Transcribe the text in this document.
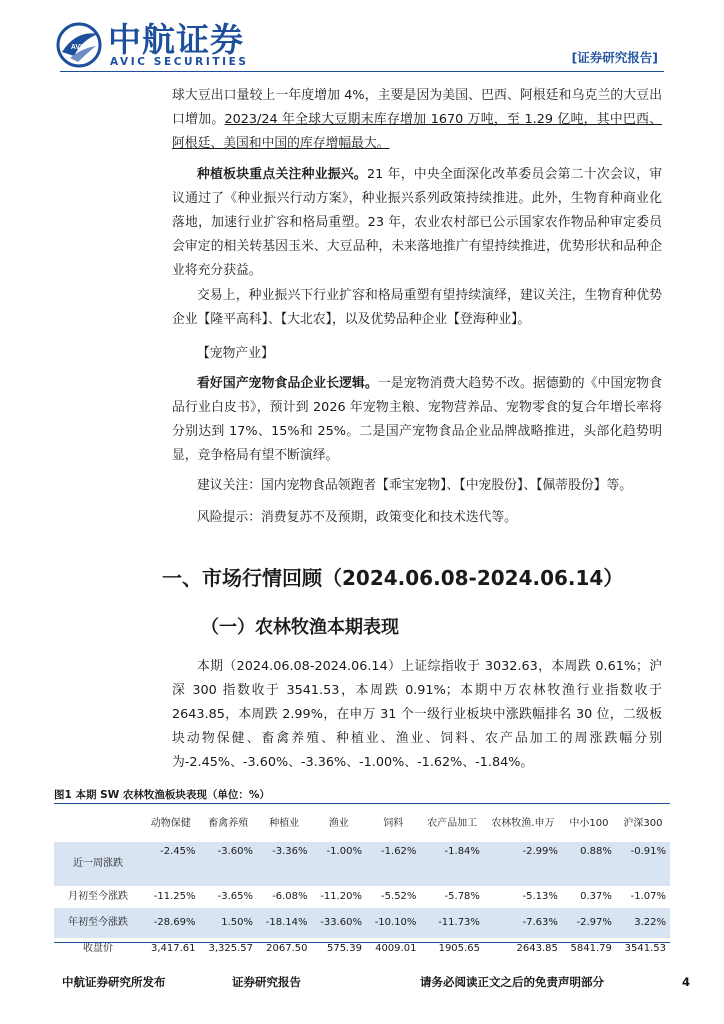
AVIC 中航证券
AVIC SECURITIES	[证券研究报告]
球大豆出口量较上一年度增加 4%，主要是因为美国、巴西、阿根廷和乌克兰的大豆出口增加。2023/24 年全球大豆期末库存增加 1670 万吨，至 1.29 亿吨，其中巴西、阿根廷、美国和中国的库存增幅最大。
种植板块重点关注种业振兴。21 年，中央全面深化改革委员会第二十次会议，审议通过了《种业振兴行动方案》，种业振兴系列政策持续推进。此外，生物育种商业化落地，加速行业扩容和格局重塑。23 年，农业农村部已公示国家农作物品种审定委员会审定的相关转基因玉米、大豆品种，未来落地推广有望持续推进，优势形状和品种企业将充分获益。
交易上，种业振兴下行业扩容和格局重塑有望持续演绎，建议关注，生物育种优势企业【隆平高科】、【大北农】，以及优势品种企业【登海种业】。
【宠物产业】
看好国产宠物食品企业长逻辑。一是宠物消费大趋势不改。据德勤的《中国宠物食品行业白皮书》，预计到 2026 年宠物主粮、宠物营养品、宠物零食的复合年增长率将分别达到 17%、15%和 25%。二是国产宠物食品企业品牌战略推进，头部化趋势明显，竞争格局有望不断演绎。
建议关注：国内宠物食品领跑者【乖宝宠物】、【中宠股份】、【佩蒂股份】等。
风险提示：消费复苏不及预期，政策变化和技术迭代等。
一、市场行情回顾（2024.06.08-2024.06.14）
（一）农林牧渔本期表现
本期（2024.06.08-2024.06.14）上证综指收于 3032.63，本周跌 0.61%；沪深 300 指数收于 3541.53，本周跌 0.91%；本期中万农林牧渔行业指数收于 2643.85，本周跌 2.99%，在申万 31 个一级行业板块中涨跌幅排名 30 位，二级板块动物保健、畜禽养殖、种植业、渔业、饲料、农产品加工的周涨跌幅分别为-2.45%、-3.60%、-3.36%、-1.00%、-1.62%、-1.84%。
图1 本期 SW 农林牧渔板块表现（单位：%）
	动物保健	畜禽养殖	种植业	渔业	饲料	农产品加工	农林牧渔.申万	中小100	沪深300
近一周涨跌	-2.45%	-3.60%	-3.36%	-1.00%	-1.62%	-1.84%	-2.99%	0.88%	-0.91%
月初至今涨跌	-11.25%	-3.65%	-6.08%	-11.20%	-5.52%	-5.78%	-5.13%	0.37%	-1.07%
年初至今涨跌	-28.69%	1.50%	-18.14%	-33.60%	-10.10%	-11.73%	-7.63%	-2.97%	3.22%
收盘价	3,417.61	3,325.57	2067.50	575.39	4009.01	1905.65	2643.85	5841.79	3541.53
中航证券研究所发布	证券研究报告	请务必阅读正文之后的免责声明部分	4
